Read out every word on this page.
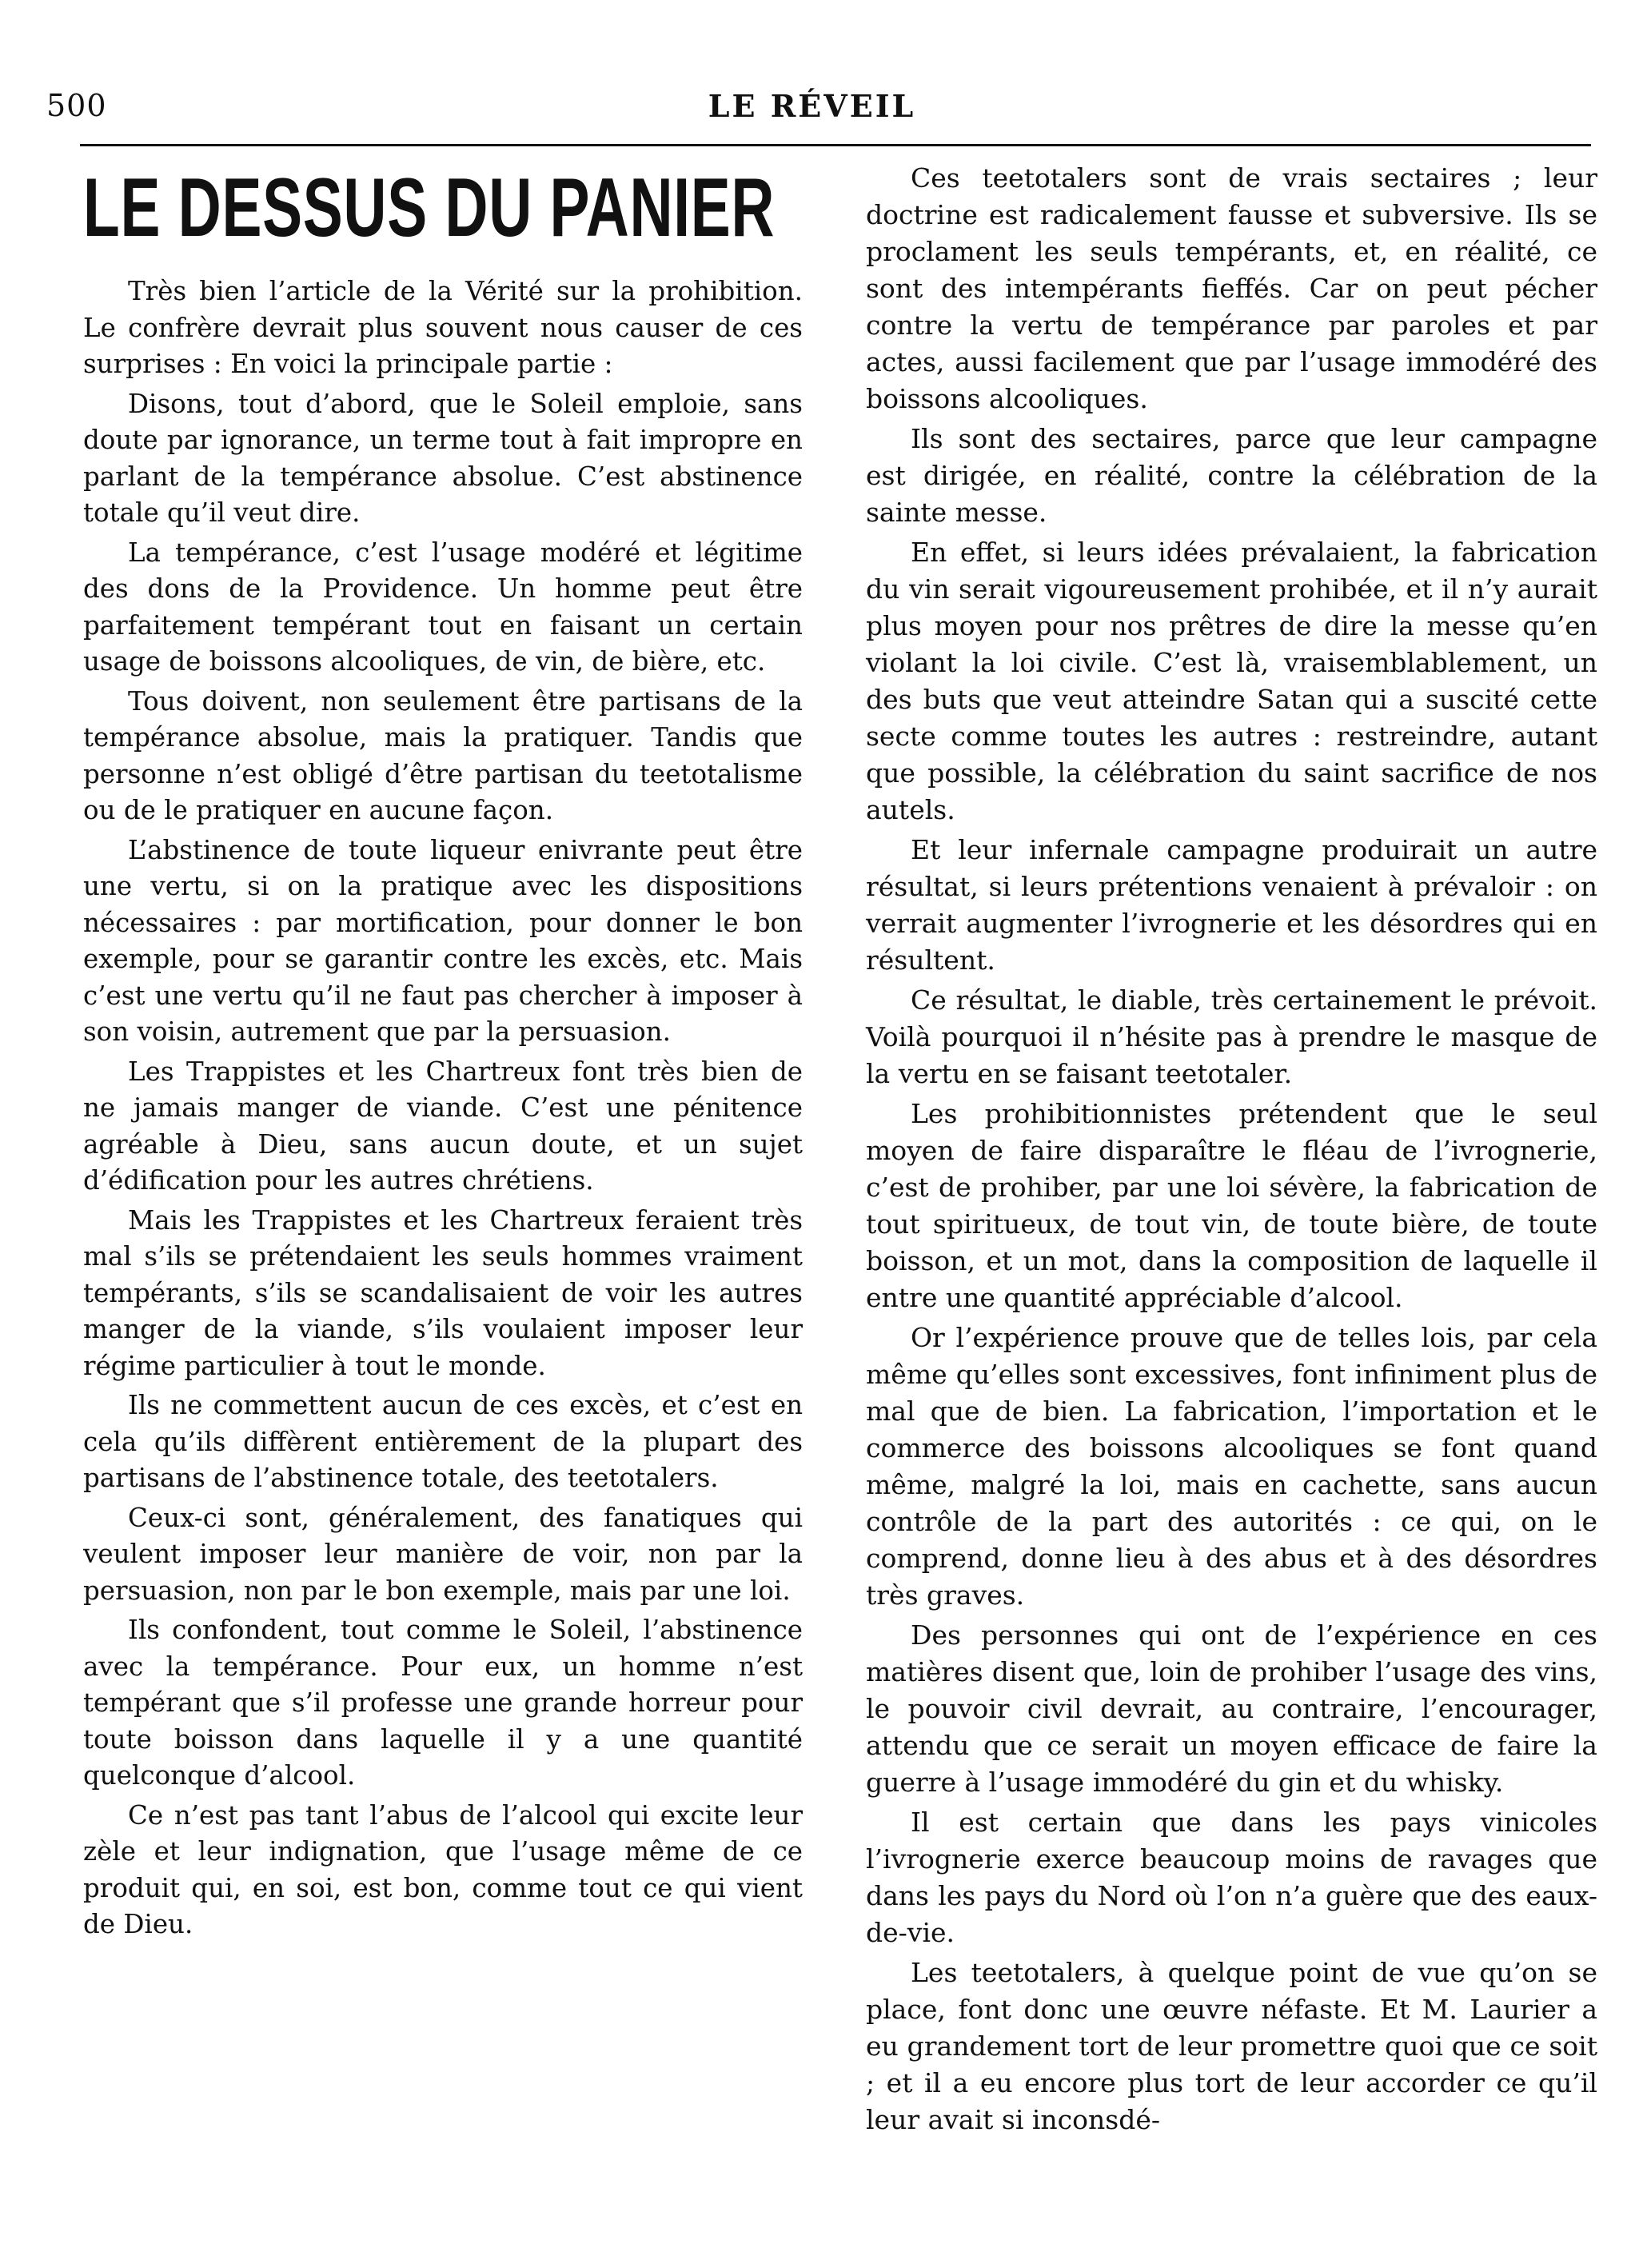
500	LE RÉVEIL
LE DESSUS DU PANIER

Très bien l’article de la Vérité sur la prohibition. Le confrère devrait plus souvent nous causer de ces surprises : En voici la principale partie :

Disons, tout d’abord, que le Soleil emploie, sans doute par ignorance, un terme tout à fait impropre en parlant de la tempérance absolue. C’est abstinence totale qu’il veut dire.

La tempérance, c’est l’usage modéré et légitime des dons de la Providence. Un homme peut être parfaitement tempérant tout en faisant un certain usage de boissons alcooliques, de vin, de bière, etc.

Tous doivent, non seulement être partisans de la tempérance absolue, mais la pratiquer. Tandis que personne n’est obligé d’être partisan du teetotalisme ou de le pratiquer en aucune façon.

L’abstinence de toute liqueur enivrante peut être une vertu, si on la pratique avec les dispositions nécessaires : par mortification, pour donner le bon exemple, pour se garantir contre les excès, etc. Mais c’est une vertu qu’il ne faut pas chercher à imposer à son voisin, autrement que par la persuasion.

Les Trappistes et les Chartreux font très bien de ne jamais manger de viande. C’est une pénitence agréable à Dieu, sans aucun doute, et un sujet d’édification pour les autres chrétiens.

Mais les Trappistes et les Chartreux feraient très mal s’ils se prétendaient les seuls hommes vraiment tempérants, s’ils se scandalisaient de voir les autres manger de la viande, s’ils voulaient imposer leur régime particulier à tout le monde.

Ils ne commettent aucun de ces excès, et c’est en cela qu’ils diffèrent entièrement de la plupart des partisans de l’abstinence totale, des teetotalers.

Ceux-ci sont, généralement, des fanatiques qui veulent imposer leur manière de voir, non par la persuasion, non par le bon exemple, mais par une loi.

Ils confondent, tout comme le Soleil, l’abstinence avec la tempérance. Pour eux, un homme n’est tempérant que s’il professe une grande horreur pour toute boisson dans laquelle il y a une quantité quelconque d’alcool.

Ce n’est pas tant l’abus de l’alcool qui excite leur zèle et leur indignation, que l’usage même de ce produit qui, en soi, est bon, comme tout ce qui vient de Dieu.

Ces teetotalers sont de vrais sectaires ; leur doctrine est radicalement fausse et subversive. Ils se proclament les seuls tempérants, et, en réalité, ce sont des intempérants fieffés. Car on peut pécher contre la vertu de tempérance par paroles et par actes, aussi facilement que par l’usage immodéré des boissons alcooliques.

Ils sont des sectaires, parce que leur campagne est dirigée, en réalité, contre la célébration de la sainte messe.

En effet, si leurs idées prévalaient, la fabrication du vin serait vigoureusement prohibée, et il n’y aurait plus moyen pour nos prêtres de dire la messe qu’en violant la loi civile. C’est là, vraisemblablement, un des buts que veut atteindre Satan qui a suscité cette secte comme toutes les autres : restreindre, autant que possible, la célébration du saint sacrifice de nos autels.

Et leur infernale campagne produirait un autre résultat, si leurs prétentions venaient à prévaloir : on verrait augmenter l’ivrognerie et les désordres qui en résultent.

Ce résultat, le diable, très certainement le prévoit. Voilà pourquoi il n’hésite pas à prendre le masque de la vertu en se faisant teetotaler.

Les prohibitionnistes prétendent que le seul moyen de faire disparaître le fléau de l’ivrognerie, c’est de prohiber, par une loi sévère, la fabrication de tout spiritueux, de tout vin, de toute bière, de toute boisson, et un mot, dans la composition de laquelle il entre une quantité appréciable d’alcool.

Or l’expérience prouve que de telles lois, par cela même qu’elles sont excessives, font infiniment plus de mal que de bien. La fabrication, l’importation et le commerce des boissons alcooliques se font quand même, malgré la loi, mais en cachette, sans aucun contrôle de la part des autorités : ce qui, on le comprend, donne lieu à des abus et à des désordres très graves.

Des personnes qui ont de l’expérience en ces matières disent que, loin de prohiber l’usage des vins, le pouvoir civil devrait, au contraire, l’encourager, attendu que ce serait un moyen efficace de faire la guerre à l’usage immodéré du gin et du whisky.

Il est certain que dans les pays vinicoles l’ivrognerie exerce beaucoup moins de ravages que dans les pays du Nord où l’on n’a guère que des eaux-de-vie.

Les teetotalers, à quelque point de vue qu’on se place, font donc une œuvre néfaste. Et M. Laurier a eu grandement tort de leur promettre quoi que ce soit ; et il a eu encore plus tort de leur accorder ce qu’il leur avait si inconsdé-
